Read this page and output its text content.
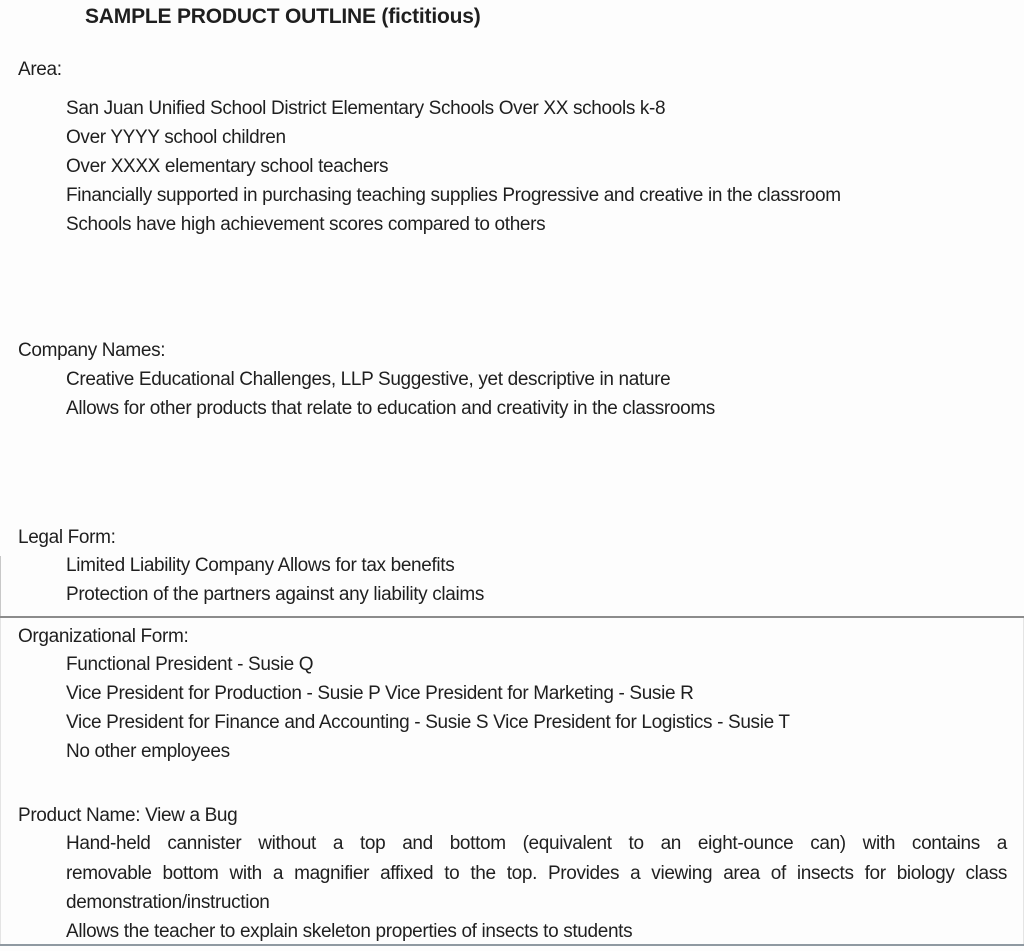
SAMPLE PRODUCT OUTLINE (fictitious)
Area:
San Juan Unified School District Elementary Schools Over XX schools k-8
Over YYYY school children
Over XXXX elementary school teachers
Financially supported in purchasing teaching supplies Progressive and creative in the classroom
Schools have high achievement scores compared to others
Company Names:
Creative Educational Challenges, LLP Suggestive, yet descriptive in nature
Allows for other products that relate to education and creativity in the classrooms
Legal Form:
Limited Liability Company Allows for tax benefits
Protection of the partners against any liability claims
Organizational Form:
Functional President - Susie Q
Vice President for Production - Susie P Vice President for Marketing - Susie R
Vice President for Finance and Accounting - Susie S Vice President for Logistics - Susie T
No other employees
Product Name: View a Bug
Hand-held cannister without a top and bottom (equivalent to an eight-ounce can) with contains a
removable bottom with a magnifier affixed to the top. Provides a viewing area of insects for biology class
demonstration/instruction
Allows the teacher to explain skeleton properties of insects to students
